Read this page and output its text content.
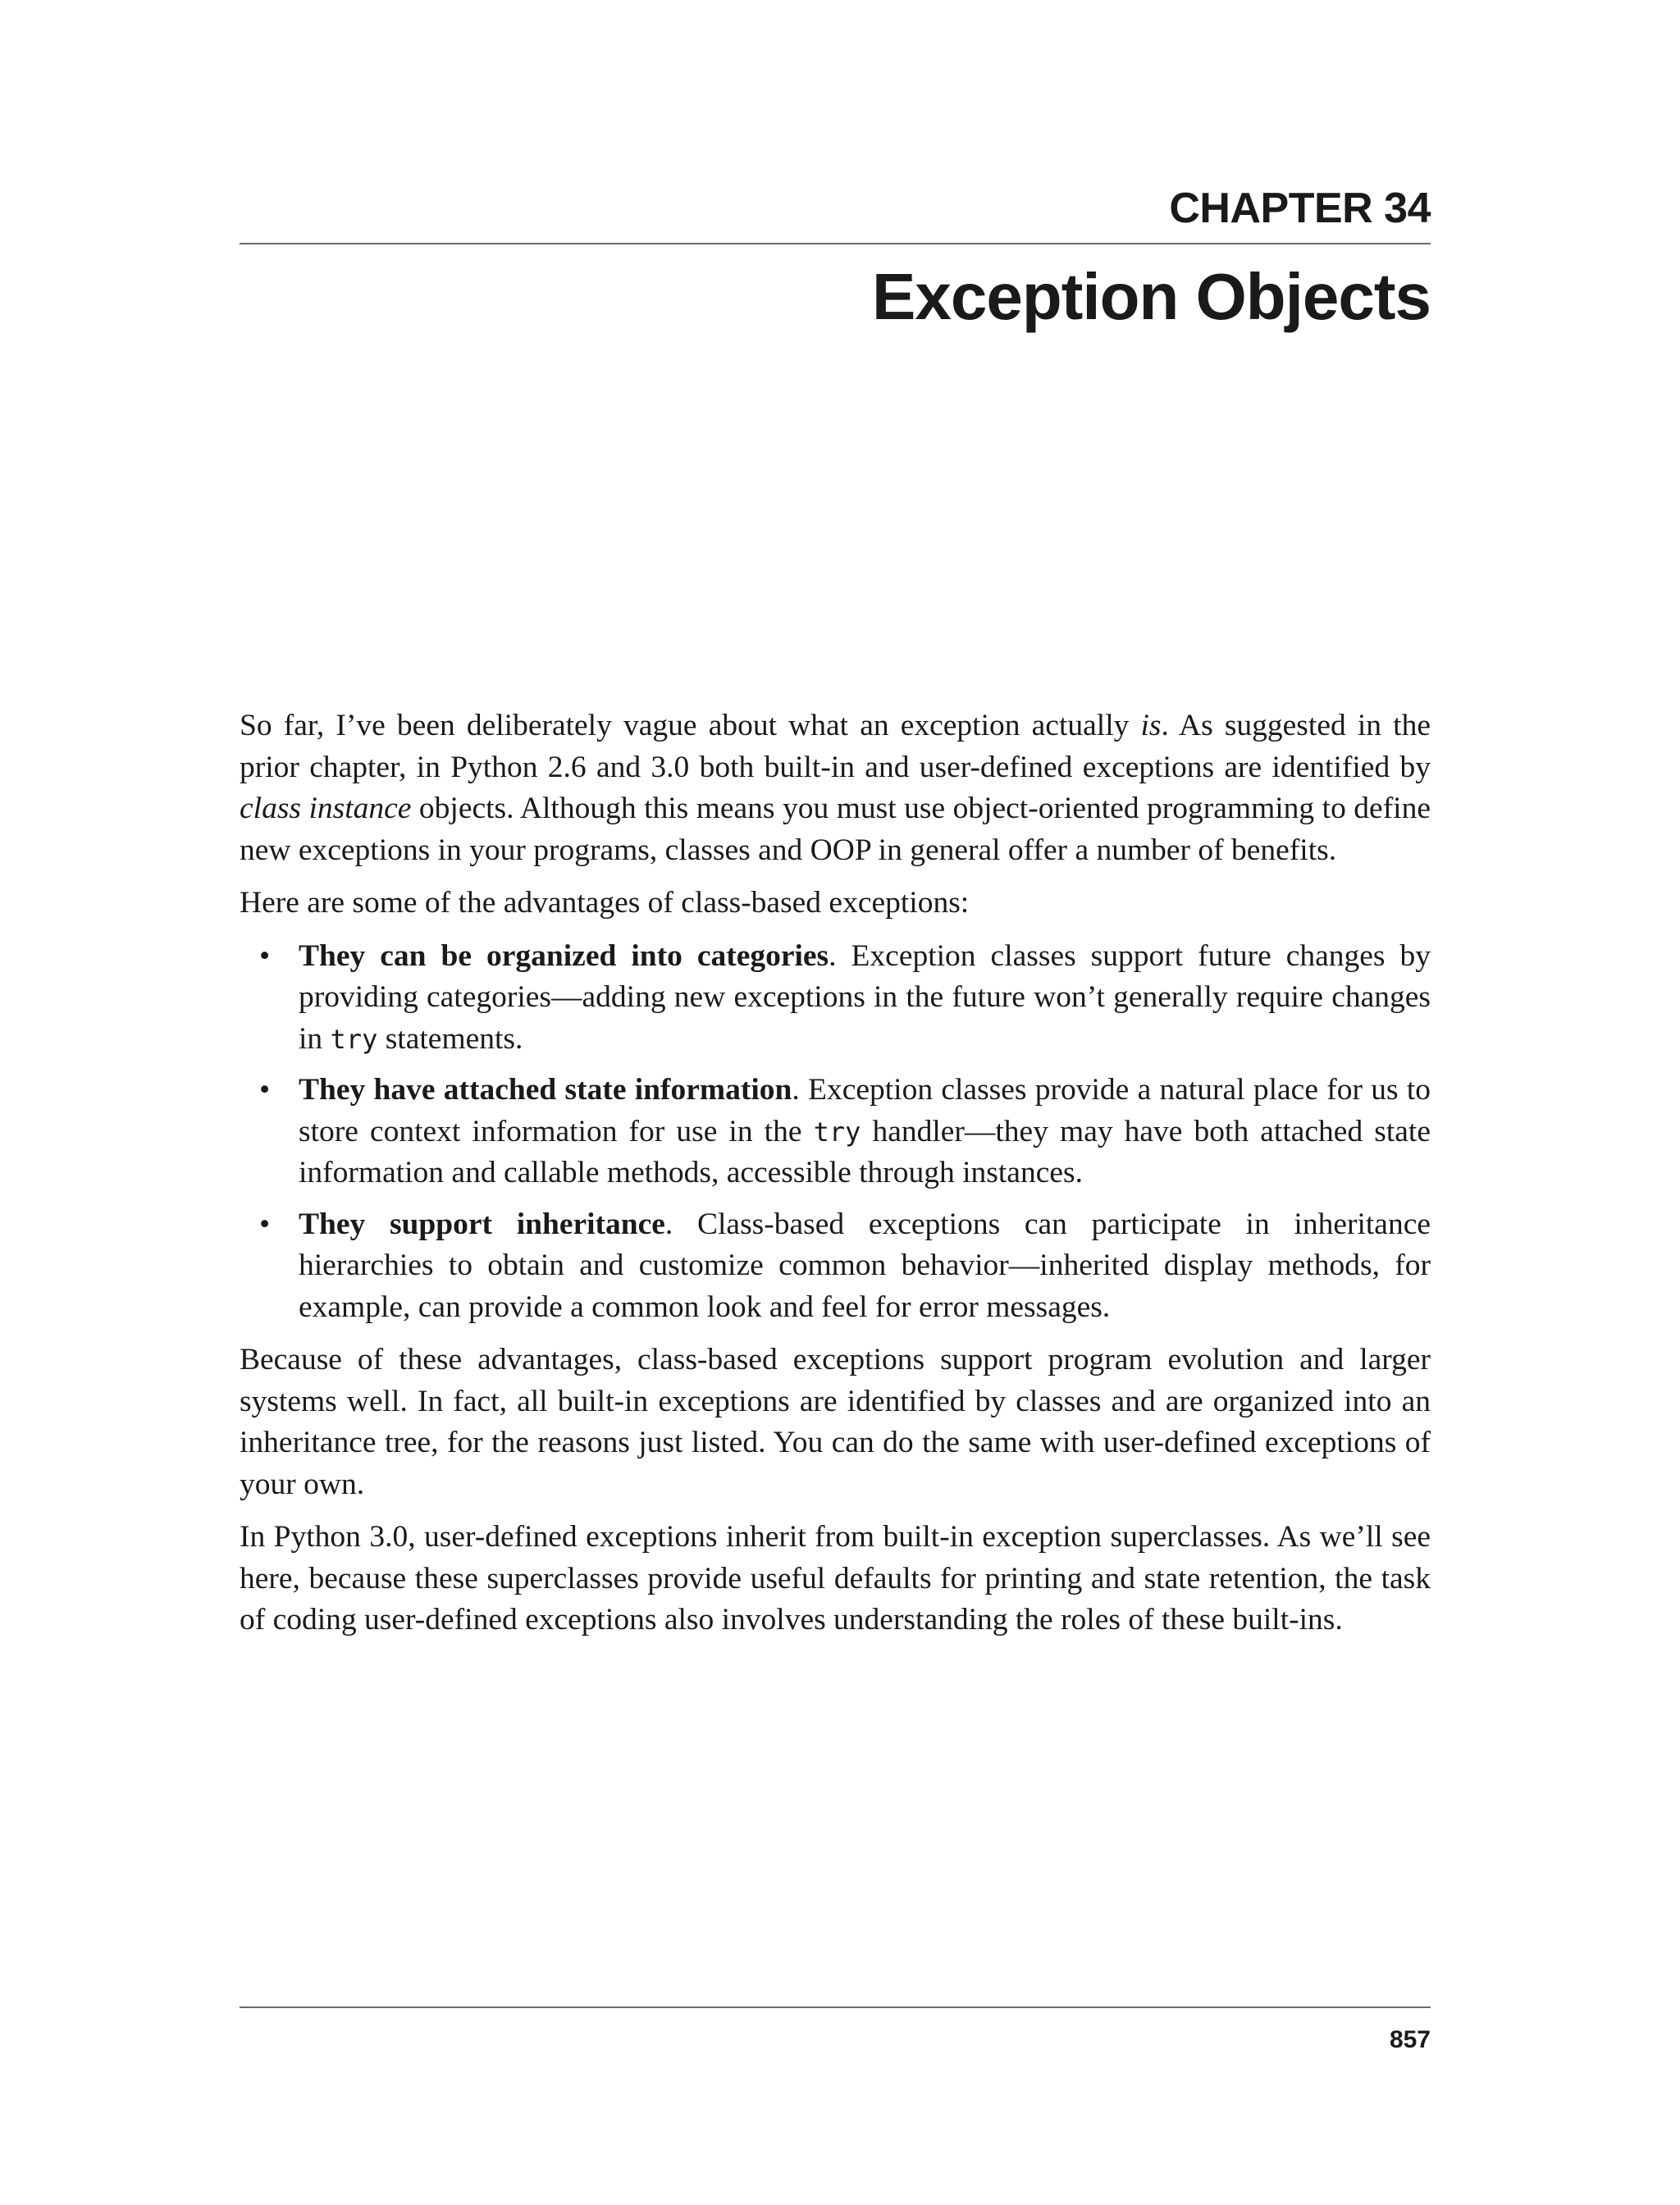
CHAPTER 34
Exception Objects

So far, I’ve been deliberately vague about what an exception actually is. As suggested in the prior chapter, in Python 2.6 and 3.0 both built-in and user-defined exceptions are identified by class instance objects. Although this means you must use object-oriented programming to define new exceptions in your programs, classes and OOP in general offer a number of benefits.

Here are some of the advantages of class-based exceptions:

• They can be organized into categories. Exception classes support future changes by providing categories—adding new exceptions in the future won’t generally require changes in try statements.
• They have attached state information. Exception classes provide a natural place for us to store context information for use in the try handler—they may have both attached state information and callable methods, accessible through instances.
• They support inheritance. Class-based exceptions can participate in inheritance hierarchies to obtain and customize common behavior—inherited display methods, for example, can provide a common look and feel for error messages.

Because of these advantages, class-based exceptions support program evolution and larger systems well. In fact, all built-in exceptions are identified by classes and are organized into an inheritance tree, for the reasons just listed. You can do the same with user-defined exceptions of your own.

In Python 3.0, user-defined exceptions inherit from built-in exception superclasses. As we’ll see here, because these superclasses provide useful defaults for printing and state retention, the task of coding user-defined exceptions also involves understanding the roles of these built-ins.

857
